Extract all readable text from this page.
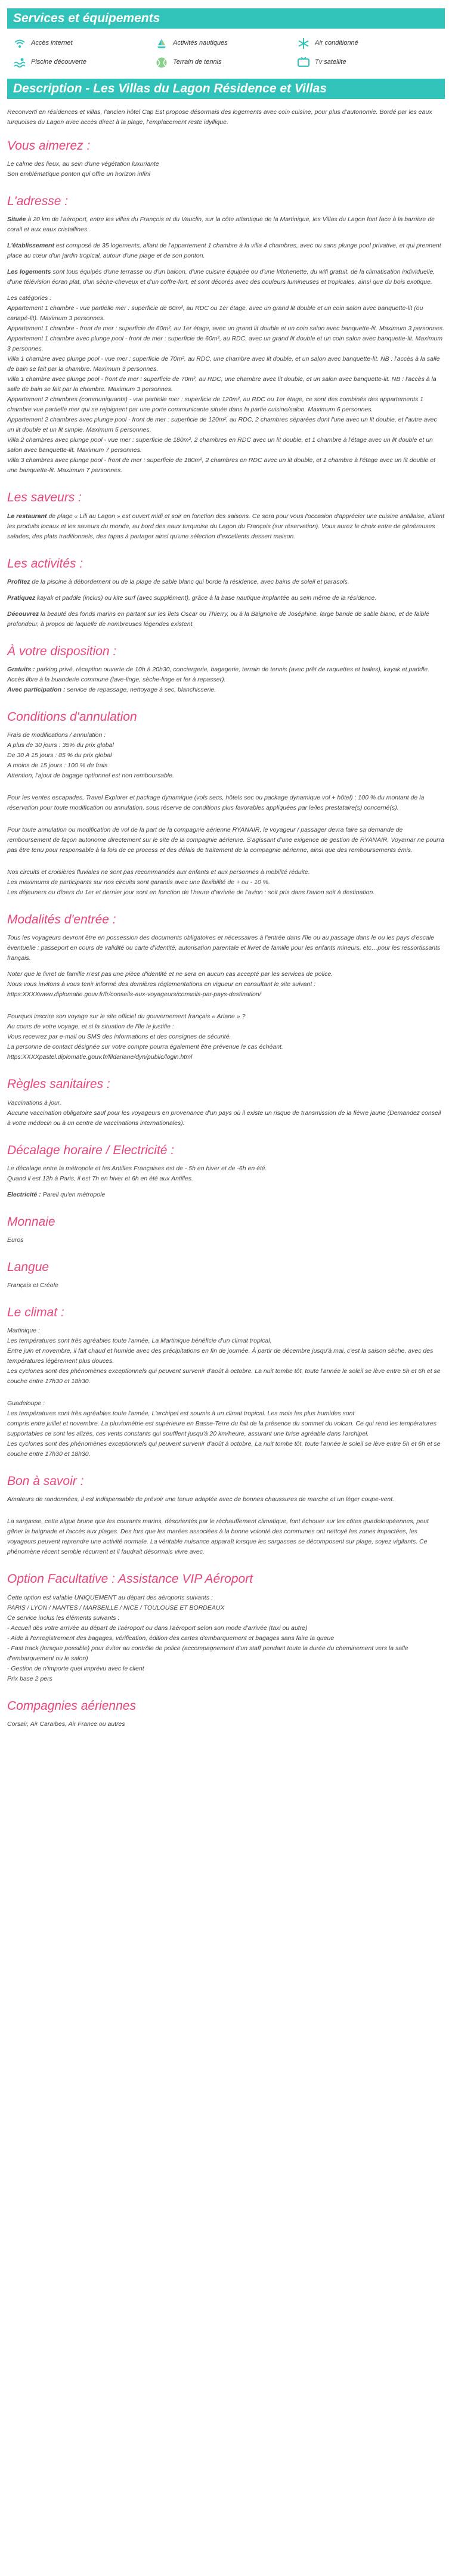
Services et équipements
Accès internet	Activités nautiques	Air conditionné
Piscine découverte	Terrain de tennis	Tv satellite
Description - Les Villas du Lagon Résidence et Villas

Reconverti en résidences et villas, l'ancien hôtel Cap Est propose désormais des logements avec coin cuisine, pour plus d'autonomie. Bordé par les eaux turquoises du Lagon avec accès direct à la plage, l'emplacement reste idyllique.

Vous aimerez :
Le calme des lieux, au sein d'une végétation luxuriante
Son emblématique ponton qui offre un horizon infini
L'adresse :

Située à 20 km de l'aéroport, entre les villes du François et du Vauclin, sur la côte atlantique de la Martinique, les Villas du Lagon font face à la barrière de corail et aux eaux cristallines.

L'établissement est composé de 35 logements, allant de l'appartement 1 chambre à la villa 4 chambres, avec ou sans plunge pool privative, et qui prennent place au cœur d'un jardin tropical, autour d'une plage et de son ponton.

Les logements sont tous équipés d'une terrasse ou d'un balcon, d'une cuisine équipée ou d'une kitchenette, du wifi gratuit, de la climatisation individuelle, d'une télévision écran plat, d'un sèche-cheveux et d'un coffre-fort, et sont décorés avec des couleurs lumineuses et tropicales, ainsi que du bois exotique.

Les catégories :
Appartement 1 chambre - vue partielle mer : superficie de 60m², au RDC ou 1er étage, avec un grand lit double et un coin salon avec banquette-lit (ou canapé-lit). Maximum 3 personnes.
Appartement 1 chambre - front de mer : superficie de 60m², au 1er étage, avec un grand lit double et un coin salon avec banquette-lit. Maximum 3 personnes.
Appartement 1 chambre avec plunge pool - front de mer : superficie de 60m², au RDC, avec un grand lit double et un coin salon avec banquette-lit. Maximum 3 personnes.
Villa 1 chambre avec plunge pool - vue mer : superficie de 70m², au RDC, une chambre avec lit double, et un salon avec banquette-lit. NB : l'accès à la salle de bain se fait par la chambre. Maximum 3 personnes.
Villa 1 chambre avec plunge pool - front de mer : superficie de 70m², au RDC, une chambre avec lit double, et un salon avec banquette-lit. NB : l'accès à la salle de bain se fait par la chambre. Maximum 3 personnes.
Appartement 2 chambres (communiquants) - vue partielle mer : superficie de 120m², au RDC ou 1er étage, ce sont des combinés des appartements 1 chambre vue partielle mer qui se rejoignent par une porte communicante située dans la partie cuisine/salon. Maximum 6 personnes.
Appartement 2 chambres avec plunge pool - front de mer : superficie de 120m², au RDC, 2 chambres séparées dont l'une avec un lit double, et l'autre avec un lit double et un lit simple. Maximum 5 personnes.
Villa 2 chambres avec plunge pool - vue mer : superficie de 180m², 2 chambres en RDC avec un lit double, et 1 chambre à l'étage avec un lit double et un salon avec banquette-lit. Maximum 7 personnes.
Villa 3 chambres avec plunge pool - front de mer : superficie de 180m², 2 chambres en RDC avec un lit double, et 1 chambre à l'étage avec un lit double et une banquette-lit. Maximum 7 personnes.
Les saveurs :

Le restaurant de plage « Lili au Lagon » est ouvert midi et soir en fonction des saisons. Ce sera pour vous l'occasion d'apprécier une cuisine antillaise, alliant les produits locaux et les saveurs du monde, au bord des eaux turquoise du Lagon du François (sur réservation). Vous aurez le choix entre de généreuses salades, des plats traditionnels, des tapas à partager ainsi qu'une sélection d'excellents dessert maison.

Les activités :

Profitez de la piscine à débordement ou de la plage de sable blanc qui borde la résidence, avec bains de soleil et parasols.

Pratiquez kayak et paddle (inclus) ou kite surf (avec supplément), grâce à la base nautique implantée au sein même de la résidence.

Découvrez la beauté des fonds marins en partant sur les îlets Oscar ou Thierry, ou à la Baignoire de Joséphine, large bande de sable blanc, et de faible profondeur, à propos de laquelle de nombreuses légendes existent.

À votre disposition :
Gratuits : parking privé, réception ouverte de 10h à 20h30, conciergerie, bagagerie, terrain de tennis (avec prêt de raquettes et balles), kayak et paddle.
Accès libre à la buanderie commune (lave-linge, sèche-linge et fer à repasser).
Avec participation : service de repassage, nettoyage à sec, blanchisserie.
Conditions d'annulation
Frais de modifications / annulation :
A plus de 30 jours : 35% du prix global
De 30 A 15 jours : 85 % du prix global
A moins de 15 jours : 100 % de frais
Attention, l'ajout de bagage optionnel est non remboursable.

Pour les ventes escapades, Travel Explorer et package dynamique (vols secs, hôtels sec ou package dynamique vol + hôtel) : 100 % du montant de la réservation pour toute modification ou annulation, sous réserve de conditions plus favorables appliquées par le/les prestataire(s) concerné(s).

Pour toute annulation ou modification de vol de la part de la compagnie aérienne RYANAIR, le voyageur / passager devra faire sa demande de remboursement de façon autonome directement sur le site de la compagnie aérienne. S'agissant d'une exigence de gestion de RYANAIR, Voyamar ne pourra pas être tenu pour responsable à la fois de ce process et des délais de traitement de la compagnie aérienne, ainsi que des remboursements émis.

Nos circuits et croisières fluviales ne sont pas recommandés aux enfants et aux personnes à mobilité réduite.
Les maximums de participants sur nos circuits sont garantis avec une flexibilité de + ou - 10 %.
Les déjeuners ou dîners du 1er et dernier jour sont en fonction de l'heure d'arrivée de l'avion : soit pris dans l'avion soit à destination.
Modalités d'entrée :

Tous les voyageurs devront être en possession des documents obligatoires et nécessaires à l'entrée dans l'île ou au passage dans le ou les pays d'escale éventuelle : passeport en cours de validité ou carte d'identité, autorisation parentale et livret de famille pour les enfants mineurs, etc…pour les ressortissants français.

Noter que le livret de famille n'est pas une pièce d'identité et ne sera en aucun cas accepté par les services de police.
Nous vous invitons à vous tenir informé des dernières réglementations en vigueur en consultant le site suivant : https:XXXXwww.diplomatie.gouv.fr/fr/conseils-aux-voyageurs/conseils-par-pays-destination/

Pourquoi inscrire son voyage sur le site officiel du gouvernement français « Ariane » ?
Au cours de votre voyage, et si la situation de l'île le justifie :
Vous recevrez par e-mail ou SMS des informations et des consignes de sécurité.
La personne de contact désignée sur votre compte pourra également être prévenue le cas échéant.
https:XXXXpastel.diplomatie.gouv.fr/fildariane/dyn/public/login.html
Règles sanitaires :
Vaccinations à jour.
Aucune vaccination obligatoire sauf pour les voyageurs en provenance d'un pays où il existe un risque de transmission de la fièvre jaune (Demandez conseil à votre médecin ou à un centre de vaccinations internationales).
Décalage horaire / Electricité :
Le décalage entre la métropole et les Antilles Françaises est de - 5h en hiver et de -6h en été.
Quand il est 12h à Paris, il est 7h en hiver et 6h en été aux Antilles.

Electricité : Pareil qu'en métropole

Monnaie

Euros

Langue

Français et Créole

Le climat :
Martinique :
Les températures sont très agréables toute l'année, La Martinique bénéficie d'un climat tropical.
Entre juin et novembre, il fait chaud et humide avec des précipitations en fin de journée. À partir de décembre jusqu'à mai, c'est la saison sèche, avec des températures légèrement plus douces.
Les cyclones sont des phénomènes exceptionnels qui peuvent survenir d'août à octobre. La nuit tombe tôt, toute l'année le soleil se lève entre 5h et 6h et se couche entre 17h30 et 18h30.
Guadeloupe :
Les températures sont très agréables toute l'année, L'archipel est soumis à un climat tropical. Les mois les plus humides sont
compris entre juillet et novembre. La pluviométrie est supérieure en Basse-Terre du fait de la présence du sommet du volcan. Ce qui rend les températures supportables ce sont les alizés, ces vents constants qui soufflent jusqu'à 20 km/heure, assurant une brise agréable dans l'archipel.
Les cyclones sont des phénomènes exceptionnels qui peuvent survenir d'août à octobre. La nuit tombe tôt, toute l'année le soleil se lève entre 5h et 6h et se couche entre 17h30 et 18h30.
Bon à savoir :

Amateurs de randonnées, il est indispensable de prévoir une tenue adaptée avec de bonnes chaussures de marche et un léger coupe-vent.

La sargasse, cette algue brune que les courants marins, désorientés par le réchauffement climatique, font échouer sur les côtes guadeloupéennes, peut gêner la baignade et l'accès aux plages. Des lors que les marées associées à la bonne volonté des communes ont nettoyé les zones impactées, les voyageurs peuvent reprendre une activité normale. La véritable nuisance apparaît lorsque les sargasses se décomposent sur plage, soyez vigilants. Ce phénomène récent semble récurrent et il faudrait désormais vivre avec.

Option Facultative : Assistance VIP Aéroport
Cette option est valable UNIQUEMENT au départ des aéroports suivants :
PARIS / LYON / NANTES / MARSEILLE / NICE / TOULOUSE ET BORDEAUX
Ce service inclus les éléments suivants :
- Accueil dès votre arrivée au départ de l'aéroport ou dans l'aéroport selon son mode d'arrivée (taxi ou autre)
- Aide à l'enregistrement des bagages, vérification, édition des cartes d'embarquement et bagages sans faire la queue
- Fast track (lorsque possible) pour éviter au contrôle de police (accompagnement d'un staff pendant toute la durée du cheminement vers la salle d'embarquement ou le salon)
- Gestion de n'importe quel imprévu avec le client
Prix base 2 pers
Compagnies aériennes

Corsair, Air Caraïbes, Air France ou autres
